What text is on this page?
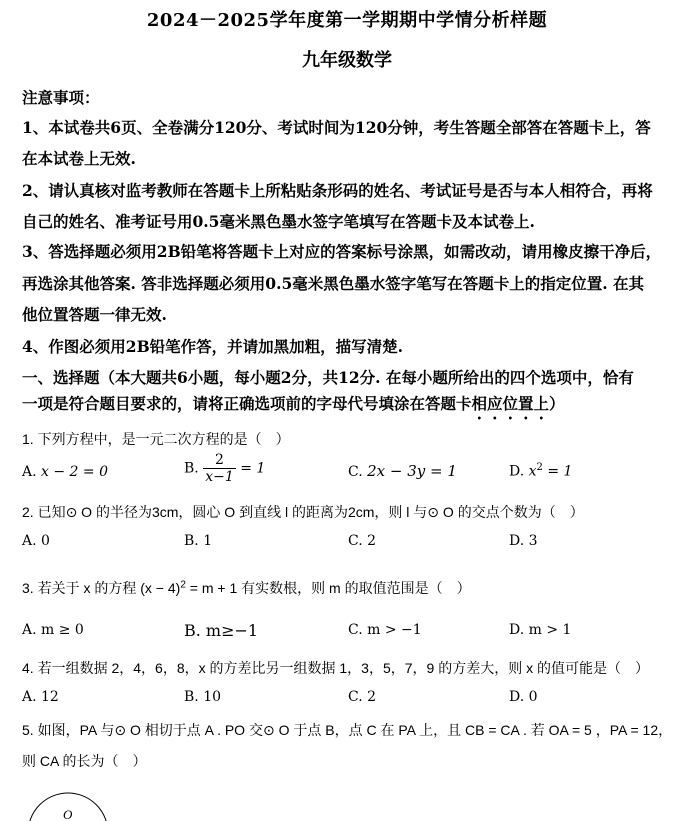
2024－2025学年度第一学期期中学情分析样题
九年级数学
注意事项：
1、本试卷共6页、全卷满分120分、考试时间为120分钟，考生答题全部答在答题卡上，答
在本试卷上无效.
2、请认真核对监考教师在答题卡上所粘贴条形码的姓名、考试证号是否与本人相符合，再将
自己的姓名、准考证号用0.5毫米黑色墨水签字笔填写在答题卡及本试卷上.
3、答选择题必须用2B铅笔将答题卡上对应的答案标号涂黑，如需改动，请用橡皮擦干净后，
再选涂其他答案. 答非选择题必须用0.5毫米黑色墨水签字笔写在答题卡上的指定位置. 在其
他位置答题一律无效.
4、作图必须用2B铅笔作答，并请加黑加粗，描写清楚.
一、选择题（本大题共6小题，每小题2分，共12分. 在每小题所给出的四个选项中，恰有
一项是符合题目要求的，请将正确选项前的字母代号填涂在答题卡相应位置上）
1. 下列方程中，是一元二次方程的是（　）
A. x − 2 = 0	B. $\frac{2}{x-1} = 1$	C. 2x − 3y = 1	D. $x^2 = 1$
2. 已知⊙ O 的半径为3cm，圆心 O 到直线 l 的距离为2cm，则 l 与⊙ O 的交点个数为（　）
A. 0	B. 1	C. 2	D. 3
3. 若关于 x 的方程 $(x - 4)^2 = m + 1$ 有实数根，则 m 的取值范围是（　）
A. m ≥ 0	B. m≥−1	C. m > −1	D. m > 1
4. 若一组数据 2，4，6，8，x 的方差比另一组数据 1，3，5，7，9 的方差大，则 x 的值可能是（　）
A. 12	B. 10	C. 2	D. 0
5. 如图，PA 与⊙ O 相切于点 A . PO 交⊙ O 于点 B，点 C 在 PA 上，且 CB = CA . 若 OA = 5 ，PA = 12，
则 CA 的长为（　）
O
